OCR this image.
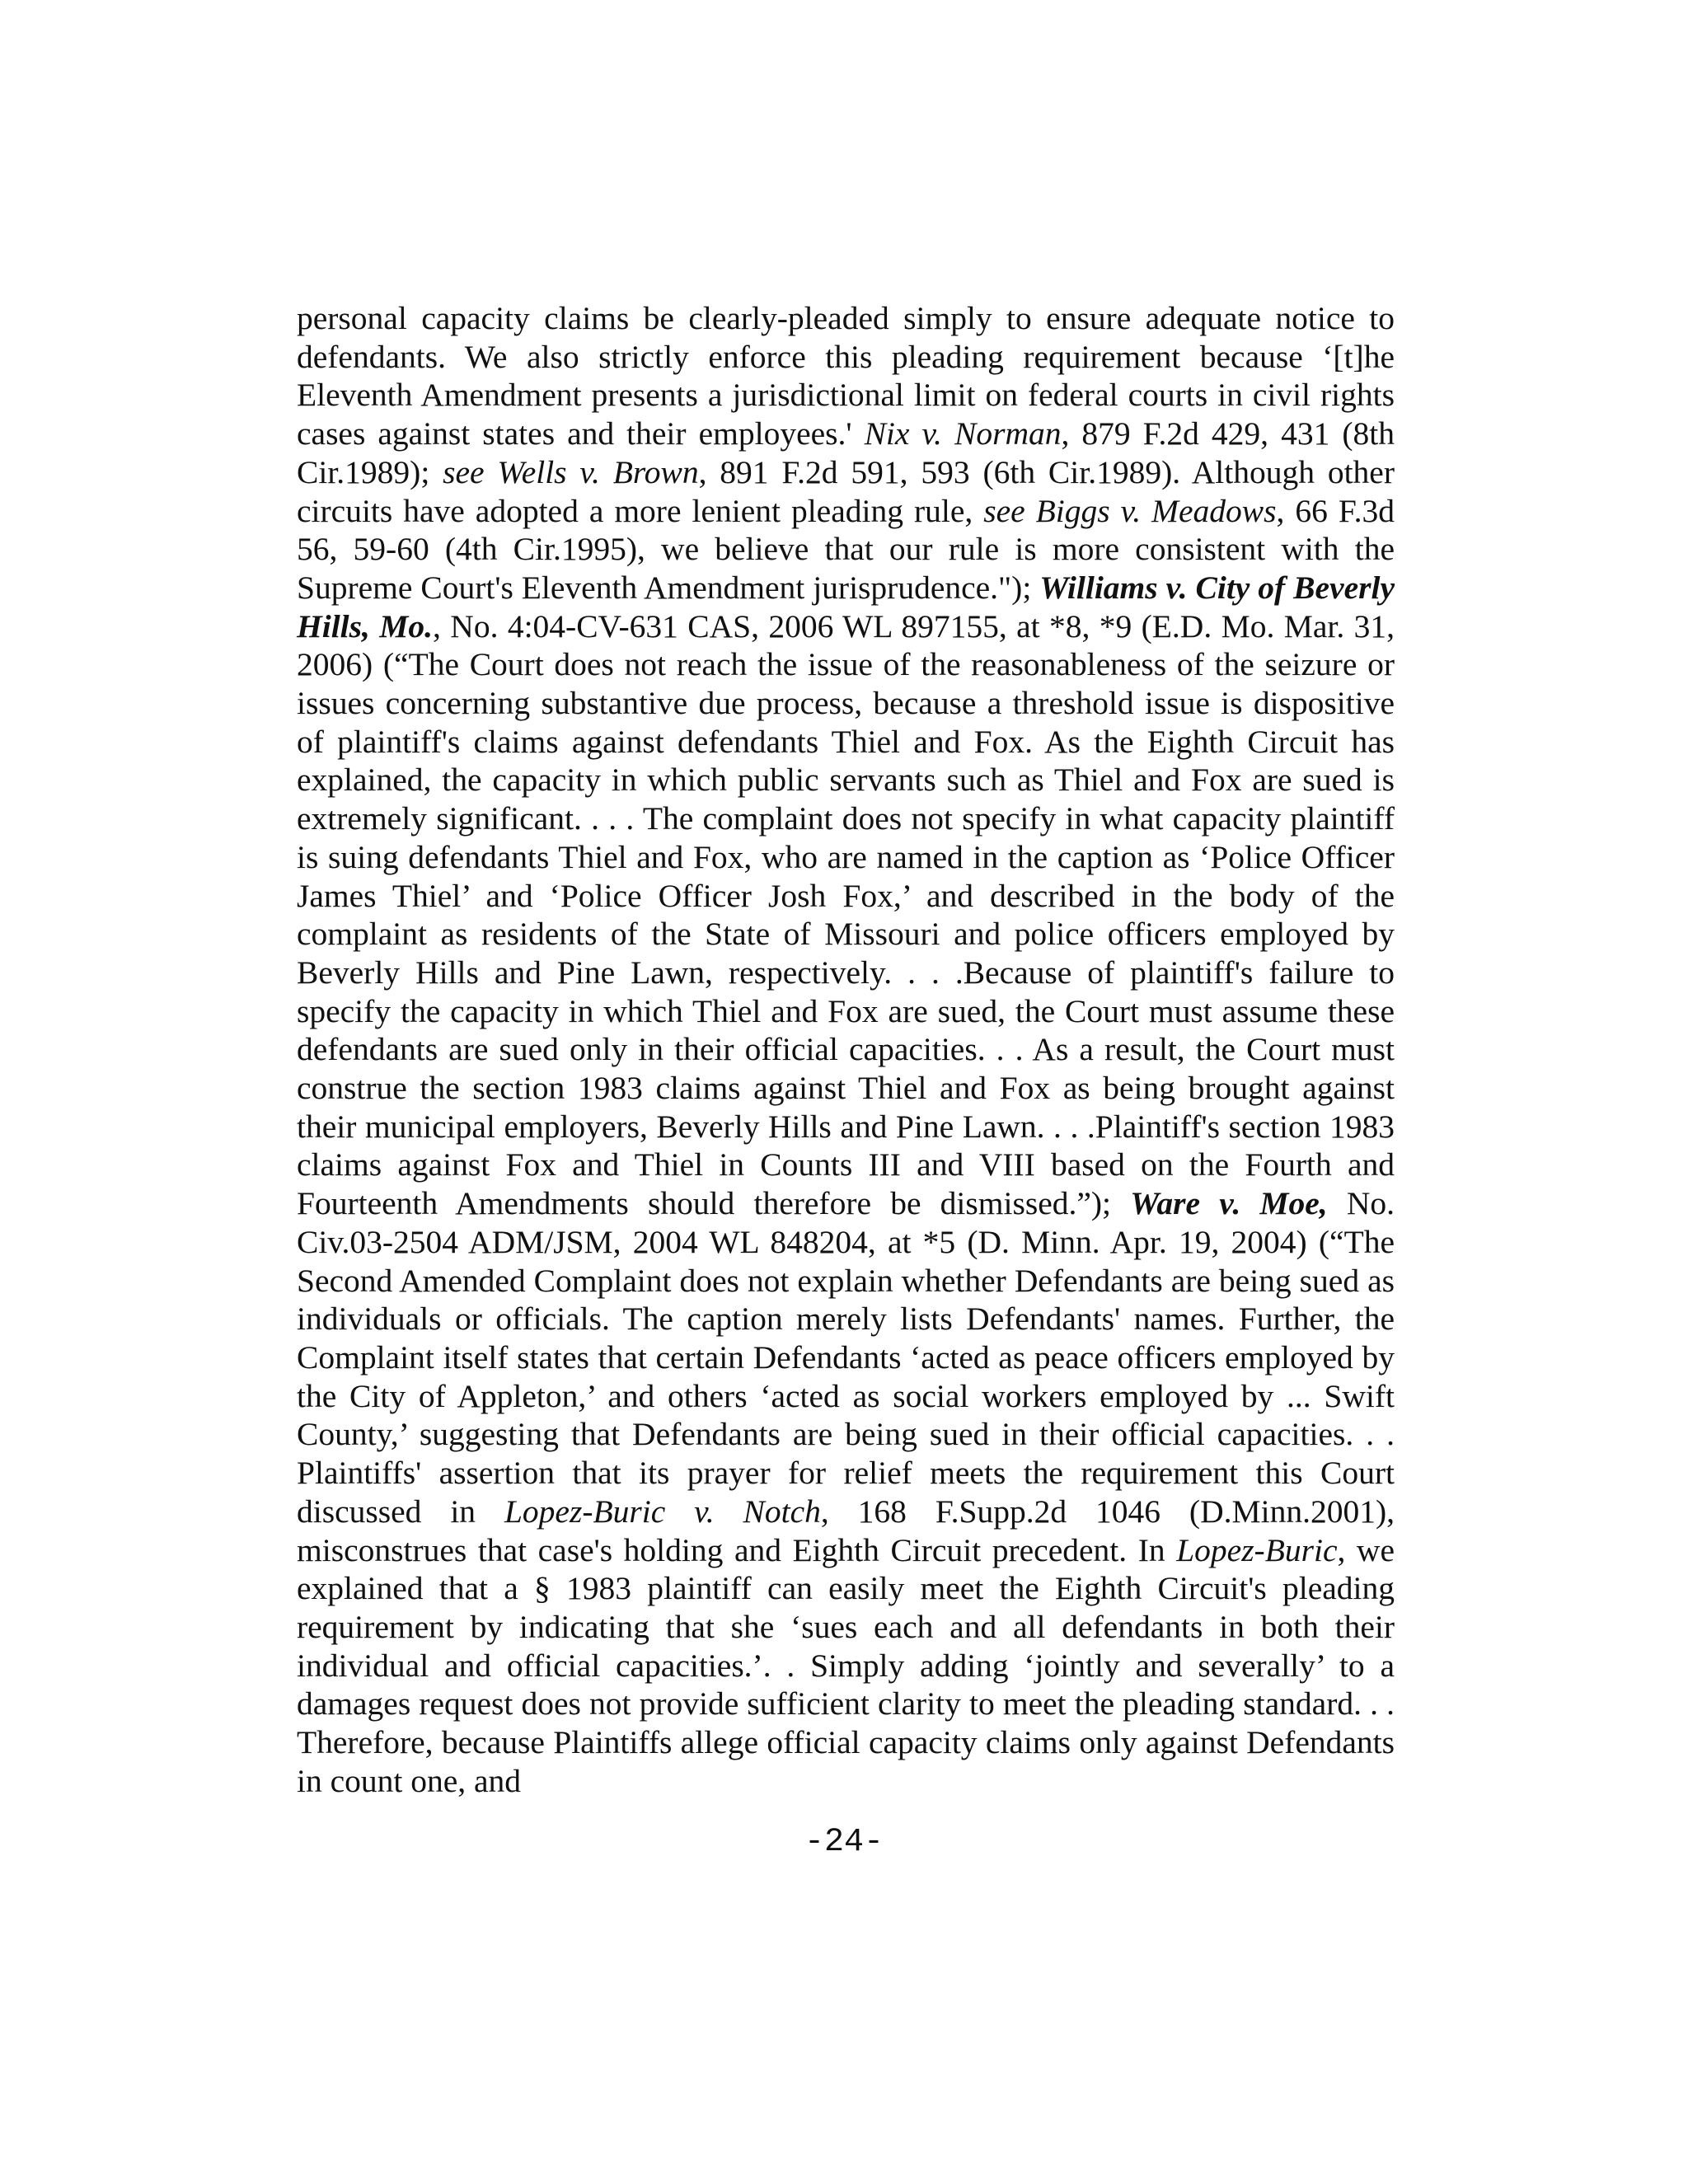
personal capacity claims be clearly-pleaded simply to ensure adequate notice to defendants. We also strictly enforce this pleading requirement because ‘[t]he Eleventh Amendment presents a jurisdictional limit on federal courts in civil rights cases against states and their employees.' Nix v. Norman, 879 F.2d 429, 431 (8th Cir.1989); see Wells v. Brown, 891 F.2d 591, 593 (6th Cir.1989). Although other circuits have adopted a more lenient pleading rule, see Biggs v. Meadows, 66 F.3d 56, 59-60 (4th Cir.1995), we believe that our rule is more consistent with the Supreme Court's Eleventh Amendment jurisprudence."); Williams v. City of Beverly Hills, Mo., No. 4:04-CV-631 CAS, 2006 WL 897155, at *8, *9 (E.D. Mo. Mar. 31, 2006) (“The Court does not reach the issue of the reasonableness of the seizure or issues concerning substantive due process, because a threshold issue is dispositive of plaintiff's claims against defendants Thiel and Fox. As the Eighth Circuit has explained, the capacity in which public servants such as Thiel and Fox are sued is extremely significant. . . . The complaint does not specify in what capacity plaintiff is suing defendants Thiel and Fox, who are named in the caption as ‘Police Officer James Thiel’ and ‘Police Officer Josh Fox,’ and described in the body of the complaint as residents of the State of Missouri and police officers employed by Beverly Hills and Pine Lawn, respectively. . . .Because of plaintiff's failure to specify the capacity in which Thiel and Fox are sued, the Court must assume these defendants are sued only in their official capacities. . . As a result, the Court must construe the section 1983 claims against Thiel and Fox as being brought against their municipal employers, Beverly Hills and Pine Lawn. . . .Plaintiff's section 1983 claims against Fox and Thiel in Counts III and VIII based on the Fourth and Fourteenth Amendments should therefore be dismissed.”); Ware v. Moe, No. Civ.03-2504 ADM/JSM, 2004 WL 848204, at *5 (D. Minn. Apr. 19, 2004) (“The Second Amended Complaint does not explain whether Defendants are being sued as individuals or officials. The caption merely lists Defendants' names. Further, the Complaint itself states that certain Defendants ‘acted as peace officers employed by the City of Appleton,’ and others ‘acted as social workers employed by ... Swift County,’ suggesting that Defendants are being sued in their official capacities. . . Plaintiffs' assertion that its prayer for relief meets the requirement this Court discussed in Lopez-Buric v. Notch, 168 F.Supp.2d 1046 (D.Minn.2001), misconstrues that case's holding and Eighth Circuit precedent. In Lopez-Buric, we explained that a § 1983 plaintiff can easily meet the Eighth Circuit's pleading requirement by indicating that she ‘sues each and all defendants in both their individual and official capacities.’. . Simply adding ‘jointly and severally’ to a damages request does not provide sufficient clarity to meet the pleading standard. . . Therefore, because Plaintiffs allege official capacity claims only against Defendants in count one, and

-24-
